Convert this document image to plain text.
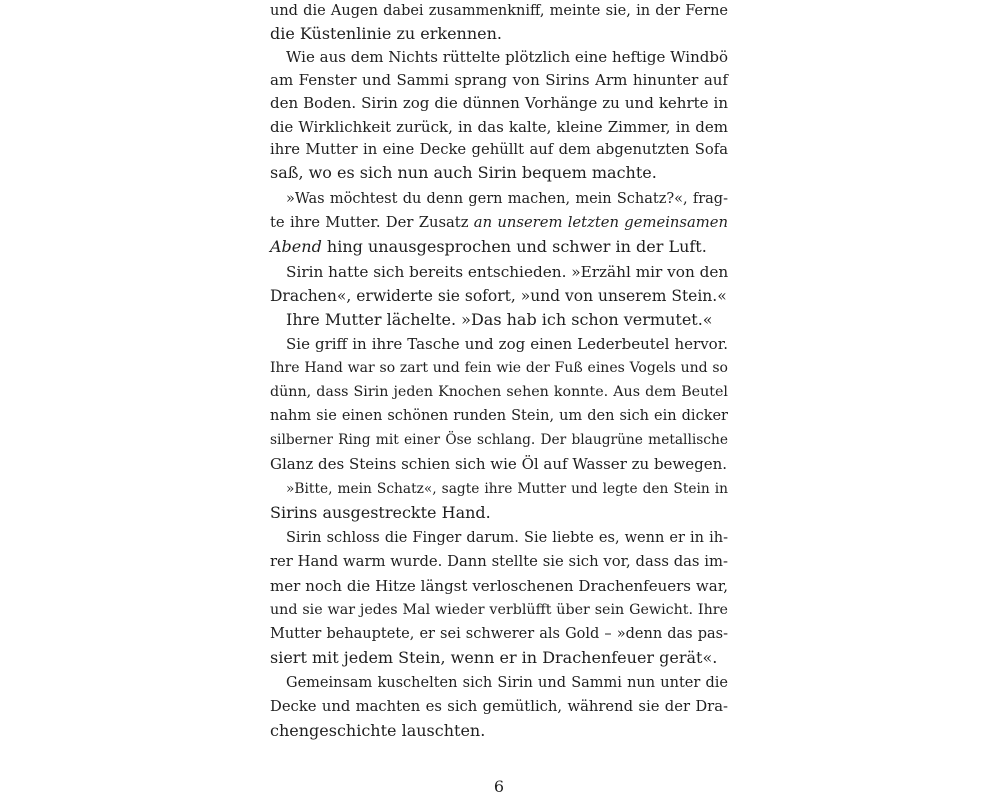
und die Augen dabei zusammenkniff, meinte sie, in der Ferne
die Küstenlinie zu erkennen.
Wie aus dem Nichts rüttelte plötzlich eine heftige Windbö
am Fenster und Sammi sprang von Sirins Arm hinunter auf
den Boden. Sirin zog die dünnen Vorhänge zu und kehrte in
die Wirklichkeit zurück, in das kalte, kleine Zimmer, in dem
ihre Mutter in eine Decke gehüllt auf dem abgenutzten Sofa
saß, wo es sich nun auch Sirin bequem machte.
»Was möchtest du denn gern machen, mein Schatz?«, frag-
te ihre Mutter. Der Zusatz an unserem letzten gemeinsamen
Abend hing unausgesprochen und schwer in der Luft.
Sirin hatte sich bereits entschieden. »Erzähl mir von den
Drachen«, erwiderte sie sofort, »und von unserem Stein.«
Ihre Mutter lächelte. »Das hab ich schon vermutet.«
Sie griff in ihre Tasche und zog einen Lederbeutel hervor.
Ihre Hand war so zart und fein wie der Fuß eines Vogels und so
dünn, dass Sirin jeden Knochen sehen konnte. Aus dem Beutel
nahm sie einen schönen runden Stein, um den sich ein dicker
silberner Ring mit einer Öse schlang. Der blaugrüne metallische
Glanz des Steins schien sich wie Öl auf Wasser zu bewegen.
»Bitte, mein Schatz«, sagte ihre Mutter und legte den Stein in
Sirins ausgestreckte Hand.
Sirin schloss die Finger darum. Sie liebte es, wenn er in ih-
rer Hand warm wurde. Dann stellte sie sich vor, dass das im-
mer noch die Hitze längst verloschenen Drachenfeuers war,
und sie war jedes Mal wieder verblüfft über sein Gewicht. Ihre
Mutter behauptete, er sei schwerer als Gold – »denn das pas-
siert mit jedem Stein, wenn er in Drachenfeuer gerät«.
Gemeinsam kuschelten sich Sirin und Sammi nun unter die
Decke und machten es sich gemütlich, während sie der Dra-
chengeschichte lauschten.
6
